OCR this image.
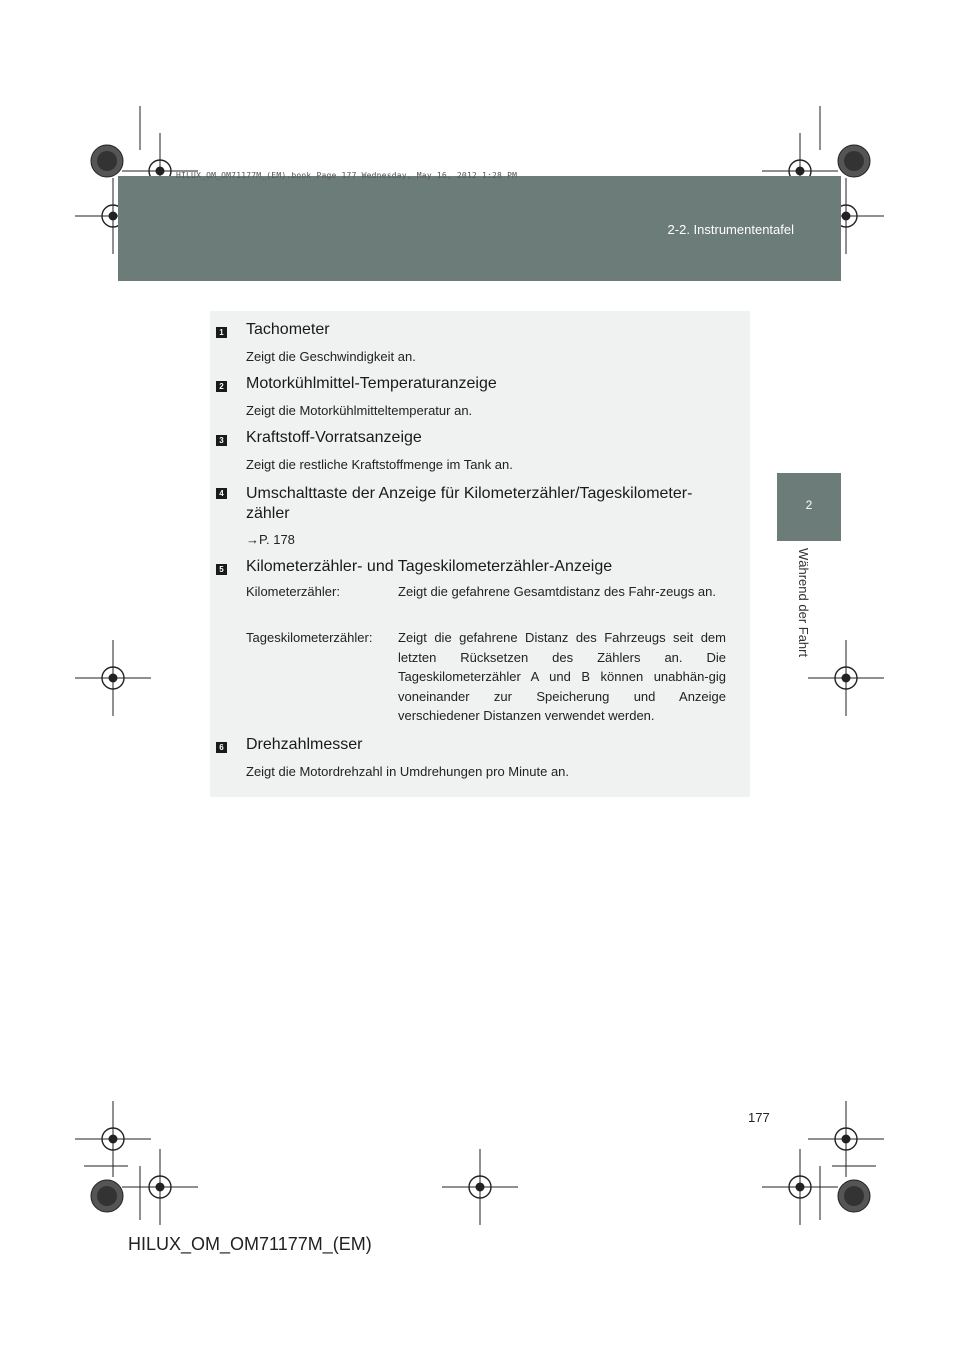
HILUX_OM_OM71177M_(EM).book Page 177 Wednesday, May 16, 2012 1:28 PM
2-2. Instrumententafel
2
Während der Fahrt
1 Tachometer
Zeigt die Geschwindigkeit an.
2 Motorkühlmittel-Temperaturanzeige
Zeigt die Motorkühlmitteltemperatur an.
3 Kraftstoff-Vorratsanzeige
Zeigt die restliche Kraftstoffmenge im Tank an.
4 Umschalttaste der Anzeige für Kilometerzähler/Tageskilometer-
zähler
→P. 178
5 Kilometerzähler- und Tageskilometerzähler-Anzeige
Kilometerzähler:	Zeigt die gefahrene Gesamtdistanz des Fahr-zeugs an.
Tageskilometerzähler: Zeigt die gefahrene Distanz des Fahrzeugs seit dem letzten Rücksetzen des Zählers an. Die Tageskilometerzähler A und B können unabhän-gig voneinander zur Speicherung und Anzeige verschiedener Distanzen verwendet werden.
6 Drehzahlmesser
Zeigt die Motordrehzahl in Umdrehungen pro Minute an.
177
HILUX_OM_OM71177M_(EM)
